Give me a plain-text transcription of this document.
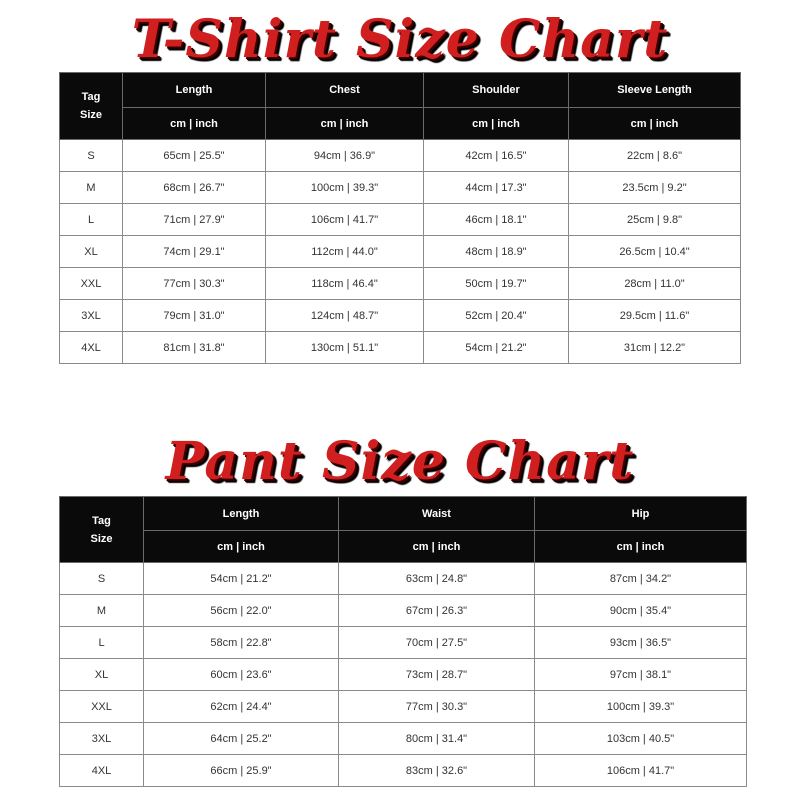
T-Shirt Size Chart
Tag
Size	Length	Chest	Shoulder	Sleeve Length
	cm | inch	cm | inch	cm | inch	cm | inch
S	65cm | 25.5"	94cm | 36.9"	42cm | 16.5"	22cm | 8.6"
M	68cm | 26.7"	100cm | 39.3"	44cm | 17.3"	23.5cm | 9.2"
L	71cm | 27.9"	106cm | 41.7"	46cm | 18.1"	25cm | 9.8"
XL	74cm | 29.1"	112cm | 44.0"	48cm | 18.9"	26.5cm | 10.4"
XXL	77cm | 30.3"	118cm | 46.4"	50cm | 19.7"	28cm | 11.0"
3XL	79cm | 31.0"	124cm | 48.7"	52cm | 20.4"	29.5cm | 11.6"
4XL	81cm | 31.8"	130cm | 51.1"	54cm | 21.2"	31cm | 12.2"
Pant Size Chart
Tag
Size	Length	Waist	Hip
	cm | inch	cm | inch	cm | inch
S	54cm | 21.2"	63cm | 24.8"	87cm | 34.2"
M	56cm | 22.0"	67cm | 26.3"	90cm | 35.4"
L	58cm | 22.8"	70cm | 27.5"	93cm | 36.5"
XL	60cm | 23.6"	73cm | 28.7"	97cm | 38.1"
XXL	62cm | 24.4"	77cm | 30.3"	100cm | 39.3"
3XL	64cm | 25.2"	80cm | 31.4"	103cm | 40.5"
4XL	66cm | 25.9"	83cm | 32.6"	106cm | 41.7"
